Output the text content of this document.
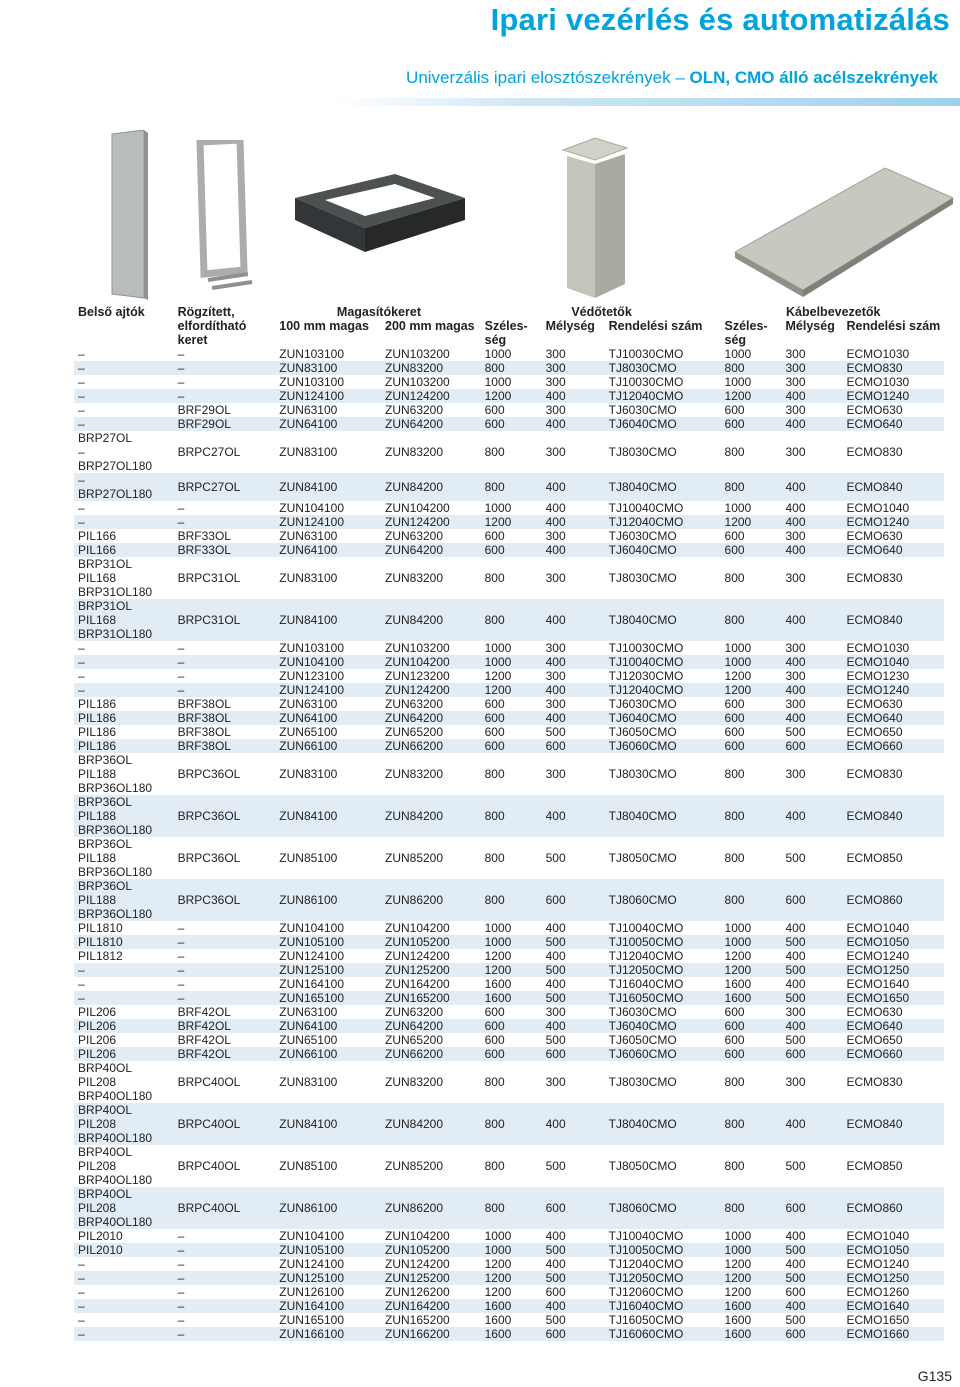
Ipari vezérlés és automatizálás
Univerzális ipari elosztószekrények – OLN, CMO álló acélszekrények
Belső ajtók	Rögzített,
elfordítható
keret	Magasítókeret		Védőtetők			Kábelbevezetők		
		100 mm magas	200 mm magas	Széles-
ség	Mélység	Rendelési szám	Széles-
ség	Mélység	Rendelési szám

–	–	ZUN103100	ZUN103200	1000	300	TJ10030CMO	1000	300	ECMO1030

–	–	ZUN83100	ZUN83200	800	300	TJ8030CMO	800	300	ECMO830

–	–	ZUN103100	ZUN103200	1000	300	TJ10030CMO	1000	300	ECMO1030

–	–	ZUN124100	ZUN124200	1200	400	TJ12040CMO	1200	400	ECMO1240

–	BRF29OL	ZUN63100	ZUN63200	600	300	TJ6030CMO	600	300	ECMO630

–	BRF29OL	ZUN64100	ZUN64200	600	400	TJ6040CMO	600	400	ECMO640

BRP27OL
–
BRP27OL180	BRPC27OL	ZUN83100	ZUN83200	800	300	TJ8030CMO	800	300	ECMO830

–
BRP27OL180	BRPC27OL	ZUN84100	ZUN84200	800	400	TJ8040CMO	800	400	ECMO840

–	–	ZUN104100	ZUN104200	1000	400	TJ10040CMO	1000	400	ECMO1040

–	–	ZUN124100	ZUN124200	1200	400	TJ12040CMO	1200	400	ECMO1240

PIL166	BRF33OL	ZUN63100	ZUN63200	600	300	TJ6030CMO	600	300	ECMO630

PIL166	BRF33OL	ZUN64100	ZUN64200	600	400	TJ6040CMO	600	400	ECMO640

BRP31OL
PIL168
BRP31OL180	BRPC31OL	ZUN83100	ZUN83200	800	300	TJ8030CMO	800	300	ECMO830

BRP31OL
PIL168
BRP31OL180	BRPC31OL	ZUN84100	ZUN84200	800	400	TJ8040CMO	800	400	ECMO840

–	–	ZUN103100	ZUN103200	1000	300	TJ10030CMO	1000	300	ECMO1030

–	–	ZUN104100	ZUN104200	1000	400	TJ10040CMO	1000	400	ECMO1040

–	–	ZUN123100	ZUN123200	1200	300	TJ12030CMO	1200	300	ECMO1230

–	–	ZUN124100	ZUN124200	1200	400	TJ12040CMO	1200	400	ECMO1240

PIL186	BRF38OL	ZUN63100	ZUN63200	600	300	TJ6030CMO	600	300	ECMO630

PIL186	BRF38OL	ZUN64100	ZUN64200	600	400	TJ6040CMO	600	400	ECMO640

PIL186	BRF38OL	ZUN65100	ZUN65200	600	500	TJ6050CMO	600	500	ECMO650

PIL186	BRF38OL	ZUN66100	ZUN66200	600	600	TJ6060CMO	600	600	ECMO660

BRP36OL
PIL188
BRP36OL180	BRPC36OL	ZUN83100	ZUN83200	800	300	TJ8030CMO	800	300	ECMO830

BRP36OL
PIL188
BRP36OL180	BRPC36OL	ZUN84100	ZUN84200	800	400	TJ8040CMO	800	400	ECMO840

BRP36OL
PIL188
BRP36OL180	BRPC36OL	ZUN85100	ZUN85200	800	500	TJ8050CMO	800	500	ECMO850

BRP36OL
PIL188
BRP36OL180	BRPC36OL	ZUN86100	ZUN86200	800	600	TJ8060CMO	800	600	ECMO860

PIL1810	–	ZUN104100	ZUN104200	1000	400	TJ10040CMO	1000	400	ECMO1040

PIL1810	–	ZUN105100	ZUN105200	1000	500	TJ10050CMO	1000	500	ECMO1050

PIL1812	–	ZUN124100	ZUN124200	1200	400	TJ12040CMO	1200	400	ECMO1240

–	–	ZUN125100	ZUN125200	1200	500	TJ12050CMO	1200	500	ECMO1250

–	–	ZUN164100	ZUN164200	1600	400	TJ16040CMO	1600	400	ECMO1640

–	–	ZUN165100	ZUN165200	1600	500	TJ16050CMO	1600	500	ECMO1650

PIL206	BRF42OL	ZUN63100	ZUN63200	600	300	TJ6030CMO	600	300	ECMO630

PIL206	BRF42OL	ZUN64100	ZUN64200	600	400	TJ6040CMO	600	400	ECMO640

PIL206	BRF42OL	ZUN65100	ZUN65200	600	500	TJ6050CMO	600	500	ECMO650

PIL206	BRF42OL	ZUN66100	ZUN66200	600	600	TJ6060CMO	600	600	ECMO660

BRP40OL
PIL208
BRP40OL180	BRPC40OL	ZUN83100	ZUN83200	800	300	TJ8030CMO	800	300	ECMO830

BRP40OL
PIL208
BRP40OL180	BRPC40OL	ZUN84100	ZUN84200	800	400	TJ8040CMO	800	400	ECMO840

BRP40OL
PIL208
BRP40OL180	BRPC40OL	ZUN85100	ZUN85200	800	500	TJ8050CMO	800	500	ECMO850

BRP40OL
PIL208
BRP40OL180	BRPC40OL	ZUN86100	ZUN86200	800	600	TJ8060CMO	800	600	ECMO860

PIL2010	–	ZUN104100	ZUN104200	1000	400	TJ10040CMO	1000	400	ECMO1040

PIL2010	–	ZUN105100	ZUN105200	1000	500	TJ10050CMO	1000	500	ECMO1050

–	–	ZUN124100	ZUN124200	1200	400	TJ12040CMO	1200	400	ECMO1240

–	–	ZUN125100	ZUN125200	1200	500	TJ12050CMO	1200	500	ECMO1250

–	–	ZUN126100	ZUN126200	1200	600	TJ12060CMO	1200	600	ECMO1260

–	–	ZUN164100	ZUN164200	1600	400	TJ16040CMO	1600	400	ECMO1640

–	–	ZUN165100	ZUN165200	1600	500	TJ16050CMO	1600	500	ECMO1650

–	–	ZUN166100	ZUN166200	1600	600	TJ16060CMO	1600	600	ECMO1660
G135
